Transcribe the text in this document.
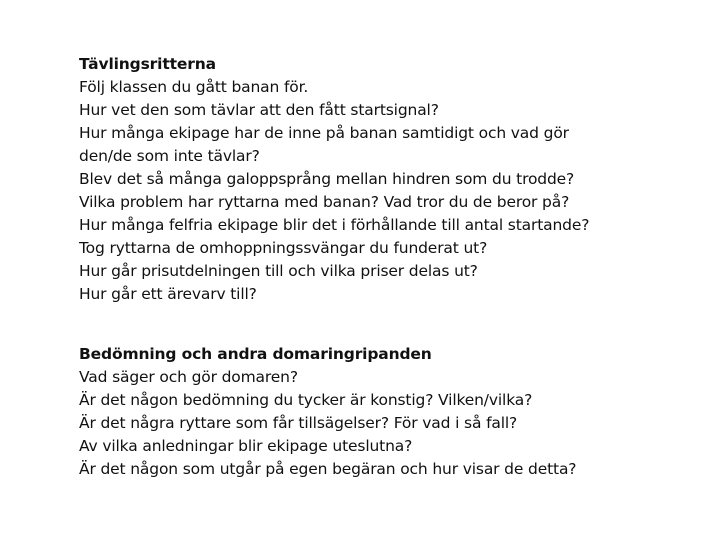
Tävlingsritterna
Följ klassen du gått banan för.
Hur vet den som tävlar att den fått startsignal?
Hur många ekipage har de inne på banan samtidigt och vad gör
den/de som inte tävlar?
Blev det så många galoppsprång mellan hindren som du trodde?
Vilka problem har ryttarna med banan? Vad tror du de beror på?
Hur många felfria ekipage blir det i förhållande till antal startande?
Tog ryttarna de omhoppningssvängar du funderat ut?
Hur går prisutdelningen till och vilka priser delas ut?
Hur går ett ärevarv till?
Bedömning och andra domaringripanden
Vad säger och gör domaren?
Är det någon bedömning du tycker är konstig? Vilken/vilka?
Är det några ryttare som får tillsägelser? För vad i så fall?
Av vilka anledningar blir ekipage uteslutna?
Är det någon som utgår på egen begäran och hur visar de detta?
